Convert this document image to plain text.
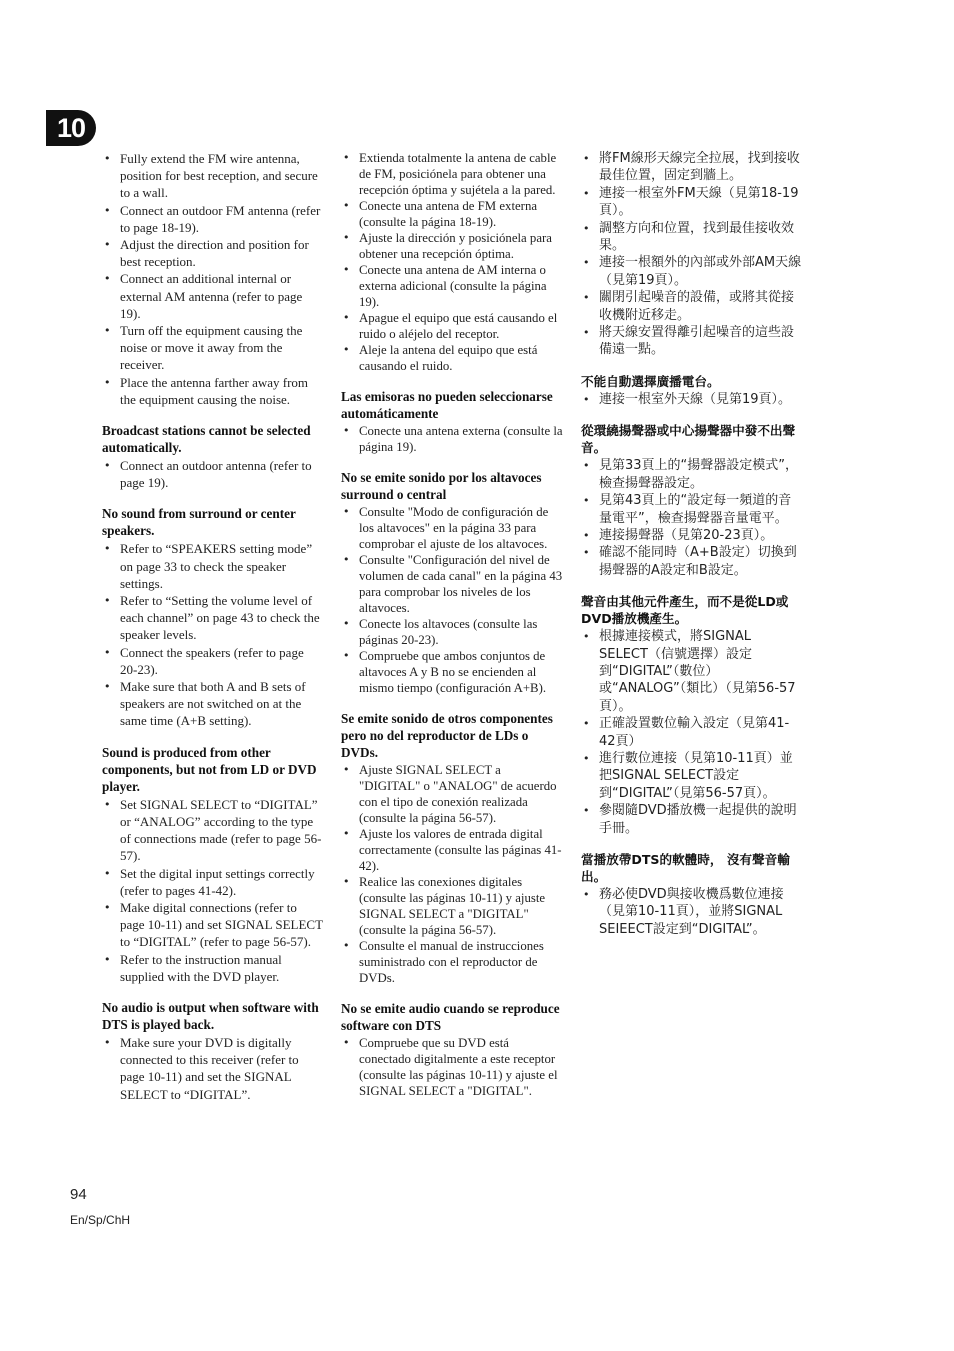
10
• Fully extend the FM wire antenna, position for best reception, and secure to a wall.
• Connect an outdoor FM antenna (refer to page 18-19).
• Adjust the direction and position for best reception.
• Connect an additional internal or external AM antenna (refer to page 19).
• Turn off the equipment causing the noise or move it away from the receiver.
• Place the antenna farther away from the equipment causing the noise.
Broadcast stations cannot be selected automatically.
• Connect an outdoor antenna (refer to page 19).
No sound from surround or center speakers.
• Refer to “SPEAKERS setting mode” on page 33 to check the speaker settings.
• Refer to “Setting the volume level of each channel” on page 43 to check the speaker levels.
• Connect the speakers (refer to page 20-23).
• Make sure that both A and B sets of speakers are not switched on at the same time (A+B setting).
Sound is produced from other components, but not from LD or DVD player.
• Set SIGNAL SELECT to “DIGITAL” or “ANALOG” according to the type of connections made (refer to page 56-57).
• Set the digital input settings correctly (refer to pages 41-42).
• Make digital connections (refer to page 10-11) and set SIGNAL SELECT to “DIGITAL” (refer to page 56-57).
• Refer to the instruction manual supplied with the DVD player.
No audio is output when software with DTS is played back.
• Make sure your DVD is digitally connected to this receiver (refer to page 10-11) and set the SIGNAL SELECT to “DIGITAL”.
• Extienda totalmente la antena de cable de FM, posiciónela para obtener una recepción óptima y sujétela a la pared.
• Conecte una antena de FM externa (consulte la página 18-19).
• Ajuste la dirección y posiciónela para obtener una recepción óptima.
• Conecte una antena de AM interna o externa adicional (consulte la página 19).
• Apague el equipo que está causando el ruido o aléjelo del receptor.
• Aleje la antena del equipo que está causando el ruido.
Las emisoras no pueden seleccionarse automáticamente
• Conecte una antena externa (consulte la página 19).
No se emite sonido por los altavoces surround o central
• Consulte "Modo de configuración de los altavoces" en la página 33 para comprobar el ajuste de los altavoces.
• Consulte "Configuración del nivel de volumen de cada canal" en la página 43 para comprobar los niveles de los altavoces.
• Conecte los altavoces (consulte las páginas 20-23).
• Compruebe que ambos conjuntos de altavoces A y B no se encienden al mismo tiempo (configuración A+B).
Se emite sonido de otros componentes pero no del reproductor de LDs o DVDs.
• Ajuste SIGNAL SELECT a "DIGITAL" o "ANALOG" de acuerdo con el tipo de conexión realizada (consulte la página 56-57).
• Ajuste los valores de entrada digital correctamente (consulte las páginas 41-42).
• Realice las conexiones digitales (consulte las páginas 10-11) y ajuste SIGNAL SELECT a "DIGITAL" (consulte la página 56-57).
• Consulte el manual de instrucciones suministrado con el reproductor de DVDs.
No se emite audio cuando se reproduce software con DTS
• Compruebe que su DVD está conectado digitalmente a este receptor (consulte las páginas 10-11) y ajuste el SIGNAL SELECT a "DIGITAL".
• 將FM線形天線完全拉展，找到接收最佳位置，固定到牆上。
• 連接一根室外FM天線（見第18-19頁）。
• 調整方向和位置，找到最佳接收效果。
• 連接一根額外的內部或外部AM天線（見第19頁）。
• 關閉引起噪音的設備，或將其從接收機附近移走。
• 將天線安置得離引起噪音的這些設備遠一點。
不能自動選擇廣播電台。
• 連接一根室外天線（見第19頁）。
從環繞揚聲器或中心揚聲器中發不出聲音。
• 見第33頁上的“揚聲器設定模式”，檢查揚聲器設定。
• 見第43頁上的“設定每一頻道的音量電平”，檢查揚聲器音量電平。
• 連接揚聲器（見第20-23頁）。
• 確認不能同時（A+B設定）切換到揚聲器的A設定和B設定。
聲音由其他元件產生，而不是從LD或DVD播放機產生。
• 根據連接模式，將SIGNAL SELECT（信號選擇）設定到“DIGITAL”（數位）或“ANALOG”（類比）（見第56-57頁）。
• 正確設置數位輸入設定（見第41-42頁）
• 進行數位連接（見第10-11頁）並把SIGNAL SELECT設定到“DIGITAL”（見第56-57頁）。
• 參閱隨DVD播放機一起提供的說明手冊。
當播放帶DTS的軟體時， 沒有聲音輸出。
• 務必使DVD與接收機爲數位連接（見第10-11頁），並將SIGNAL SEIEECT設定到“DIGITAL”。
94
En/Sp/ChH
